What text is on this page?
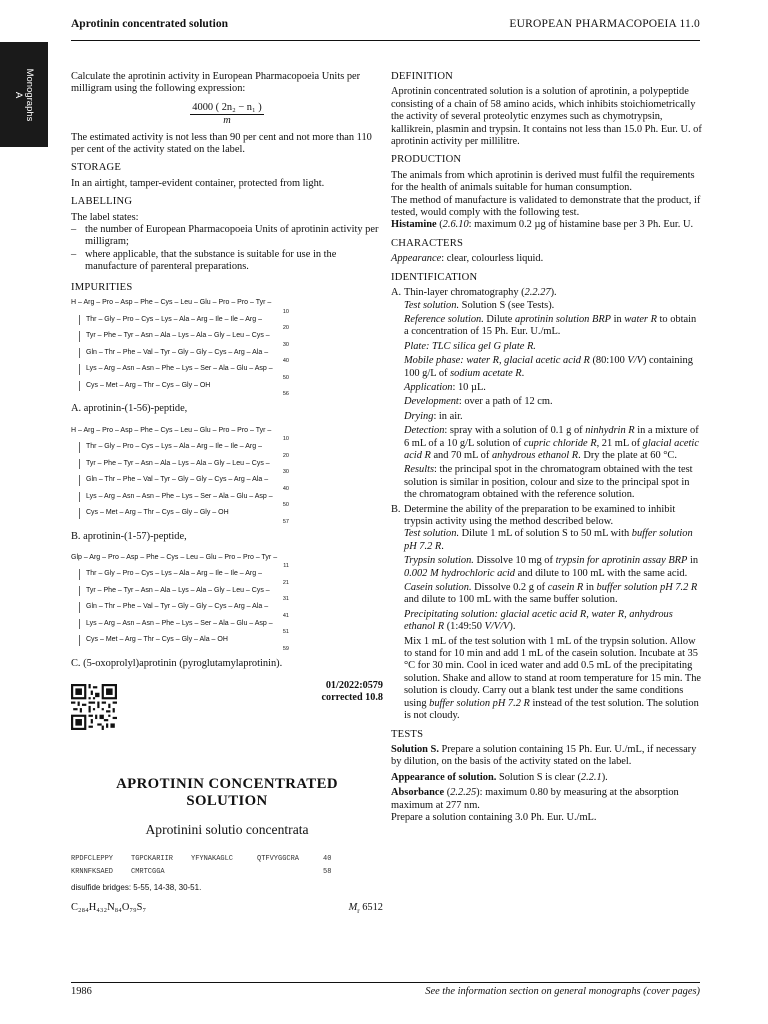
Aprotinin concentrated solution	EUROPEAN PHARMACOPOEIA 11.0
Monographs
A

Calculate the aprotinin activity in European Pharmacopoeia Units per milligram using the following expression:

$\frac{\text{4000 ( 2n₂ − n₁ )}}{m}$

The estimated activity is not less than 90 per cent and not more than 110 per cent of the activity stated on the label.

STORAGE

In an airtight, tamper-evident container, protected from light.

LABELLING

The label states:

– the number of European Pharmacopoeia Units of aprotinin activity per milligram;
– where applicable, that the substance is suitable for use in the manufacture of parenteral preparations.
IMPURITIES
H – Arg – Pro – Asp – Phe – Cys – Leu – Glu – Pro – Pro – Tyr –
10
Thr – Gly – Pro – Cys – Lys – Ala – Arg – Ile – Ile – Arg –
20
Tyr – Phe – Tyr – Asn – Ala – Lys – Ala – Gly – Leu – Cys –
30
Gln – Thr – Phe – Val – Tyr – Gly – Gly – Cys – Arg – Ala –
40
Lys – Arg – Asn – Asn – Phe – Lys – Ser – Ala – Glu – Asp –
50
Cys – Met – Arg – Thr – Cys – Gly – OH
56
A. aprotinin-(1-56)-peptide,
H – Arg – Pro – Asp – Phe – Cys – Leu – Glu – Pro – Pro – Tyr –
10
Thr – Gly – Pro – Cys – Lys – Ala – Arg – Ile – Ile – Arg –
20
Tyr – Phe – Tyr – Asn – Ala – Lys – Ala – Gly – Leu – Cys –
30
Gln – Thr – Phe – Val – Tyr – Gly – Gly – Cys – Arg – Ala –
40
Lys – Arg – Asn – Asn – Phe – Lys – Ser – Ala – Glu – Asp –
50
Cys – Met – Arg – Thr – Cys – Gly – Gly – OH
57
B. aprotinin-(1-57)-peptide,
Glp – Arg – Pro – Asp – Phe – Cys – Leu – Glu – Pro – Pro – Tyr –
11
Thr – Gly – Pro – Cys – Lys – Ala – Arg – Ile – Ile – Arg –
21
Tyr – Phe – Tyr – Asn – Ala – Lys – Ala – Gly – Leu – Cys –
31
Gln – Thr – Phe – Val – Tyr – Gly – Gly – Cys – Arg – Ala –
41
Lys – Arg – Asn – Asn – Phe – Lys – Ser – Ala – Glu – Asp –
51
Cys – Met – Arg – Thr – Cys – Gly – Ala – OH
59
C. (5-oxoprolyl)aprotinin (pyroglutamylaprotinin).
01/2022:0579
corrected 10.8
APROTININ CONCENTRATED
SOLUTION
Aprotinini solutio concentrata
RPDFCLEPPY	TGPCKARIIR	YFYNAKAGLC	QTFVYGGCRA	40
KRNNFKSAED	CMRTCGGA	58
disulfide bridges: 5-55, 14-38, 30-51.
C₂₈₄H₄₃₂N₈₄O₇₉S₇	$M_r$ 6512
DEFINITION

Aprotinin concentrated solution is a solution of aprotinin, a polypeptide consisting of a chain of 58 amino acids, which inhibits stoichiometrically the activity of several proteolytic enzymes such as chymotrypsin, kallikrein, plasmin and trypsin. It contains not less than 15.0 Ph. Eur. U. of aprotinin activity per millilitre.

PRODUCTION

The animals from which aprotinin is derived must fulfil the requirements for the health of animals suitable for human consumption.

The method of manufacture is validated to demonstrate that the product, if tested, would comply with the following test.

Histamine (2.6.10: maximum 0.2 µg of histamine base per 3 Ph. Eur. U.

CHARACTERS

Appearance: clear, colourless liquid.

IDENTIFICATION
A. Thin-layer chromatography (2.2.27).

Test solution. Solution S (see Tests).

Reference solution. Dilute aprotinin solution BRP in water R to obtain a concentration of 15 Ph. Eur. U./mL.

Plate: TLC silica gel G plate R.

Mobile phase: water R, glacial acetic acid R (80:100 V/V) containing 100 g/L of sodium acetate R.

Application: 10 µL.

Development: over a path of 12 cm.

Drying: in air.

Detection: spray with a solution of 0.1 g of ninhydrin R in a mixture of 6 mL of a 10 g/L solution of cupric chloride R, 21 mL of glacial acetic acid R and 70 mL of anhydrous ethanol R. Dry the plate at 60 °C.

Results: the principal spot in the chromatogram obtained with the test solution is similar in position, colour and size to the principal spot in the chromatogram obtained with the reference solution.

B. Determine the ability of the preparation to be examined to inhibit trypsin activity using the method described below.

Test solution. Dilute 1 mL of solution S to 50 mL with buffer solution pH 7.2 R.

Trypsin solution. Dissolve 10 mg of trypsin for aprotinin assay BRP in 0.002 M hydrochloric acid and dilute to 100 mL with the same acid.

Casein solution. Dissolve 0.2 g of casein R in buffer solution pH 7.2 R and dilute to 100 mL with the same buffer solution.

Precipitating solution: glacial acetic acid R, water R, anhydrous ethanol R (1:49:50 V/V/V).

Mix 1 mL of the test solution with 1 mL of the trypsin solution. Allow to stand for 10 min and add 1 mL of the casein solution. Incubate at 35 °C for 30 min. Cool in iced water and add 0.5 mL of the precipitating solution. Shake and allow to stand at room temperature for 15 min. The solution is cloudy. Carry out a blank test under the same conditions using buffer solution pH 7.2 R instead of the test solution. The solution is not cloudy.

TESTS

Solution S. Prepare a solution containing 15 Ph. Eur. U./mL, if necessary by dilution, on the basis of the activity stated on the label.

Appearance of solution. Solution S is clear (2.2.1).

Absorbance (2.2.25): maximum 0.80 by measuring at the absorption maximum at 277 nm.

Prepare a solution containing 3.0 Ph. Eur. U./mL.

1986	See the information section on general monographs (cover pages)
